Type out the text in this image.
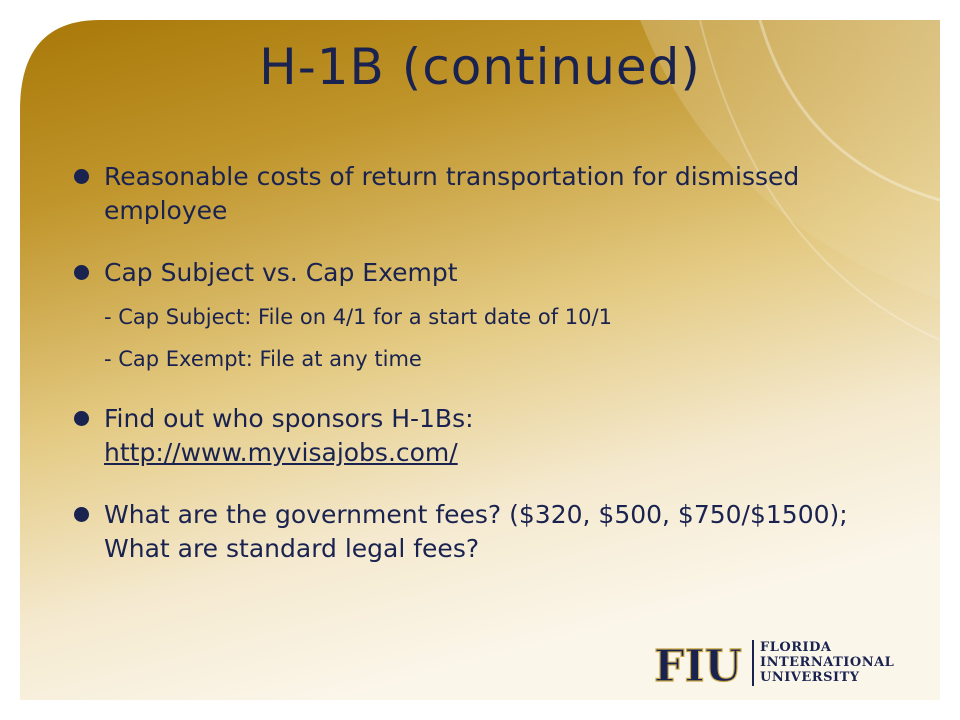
H-1B (continued)

Reasonable costs of return transportation for dismissed employee

Cap Subject vs. Cap Exempt

- Cap Subject: File on 4/1 for a start date of 10/1

- Cap Exempt: File at any time

Find out who sponsors H-1Bs:
http://www.myvisajobs.com/

What are the government fees? ($320, $500, $750/$1500); What are standard legal fees?

FIU FLORIDA
INTERNATIONAL
UNIVERSITY
